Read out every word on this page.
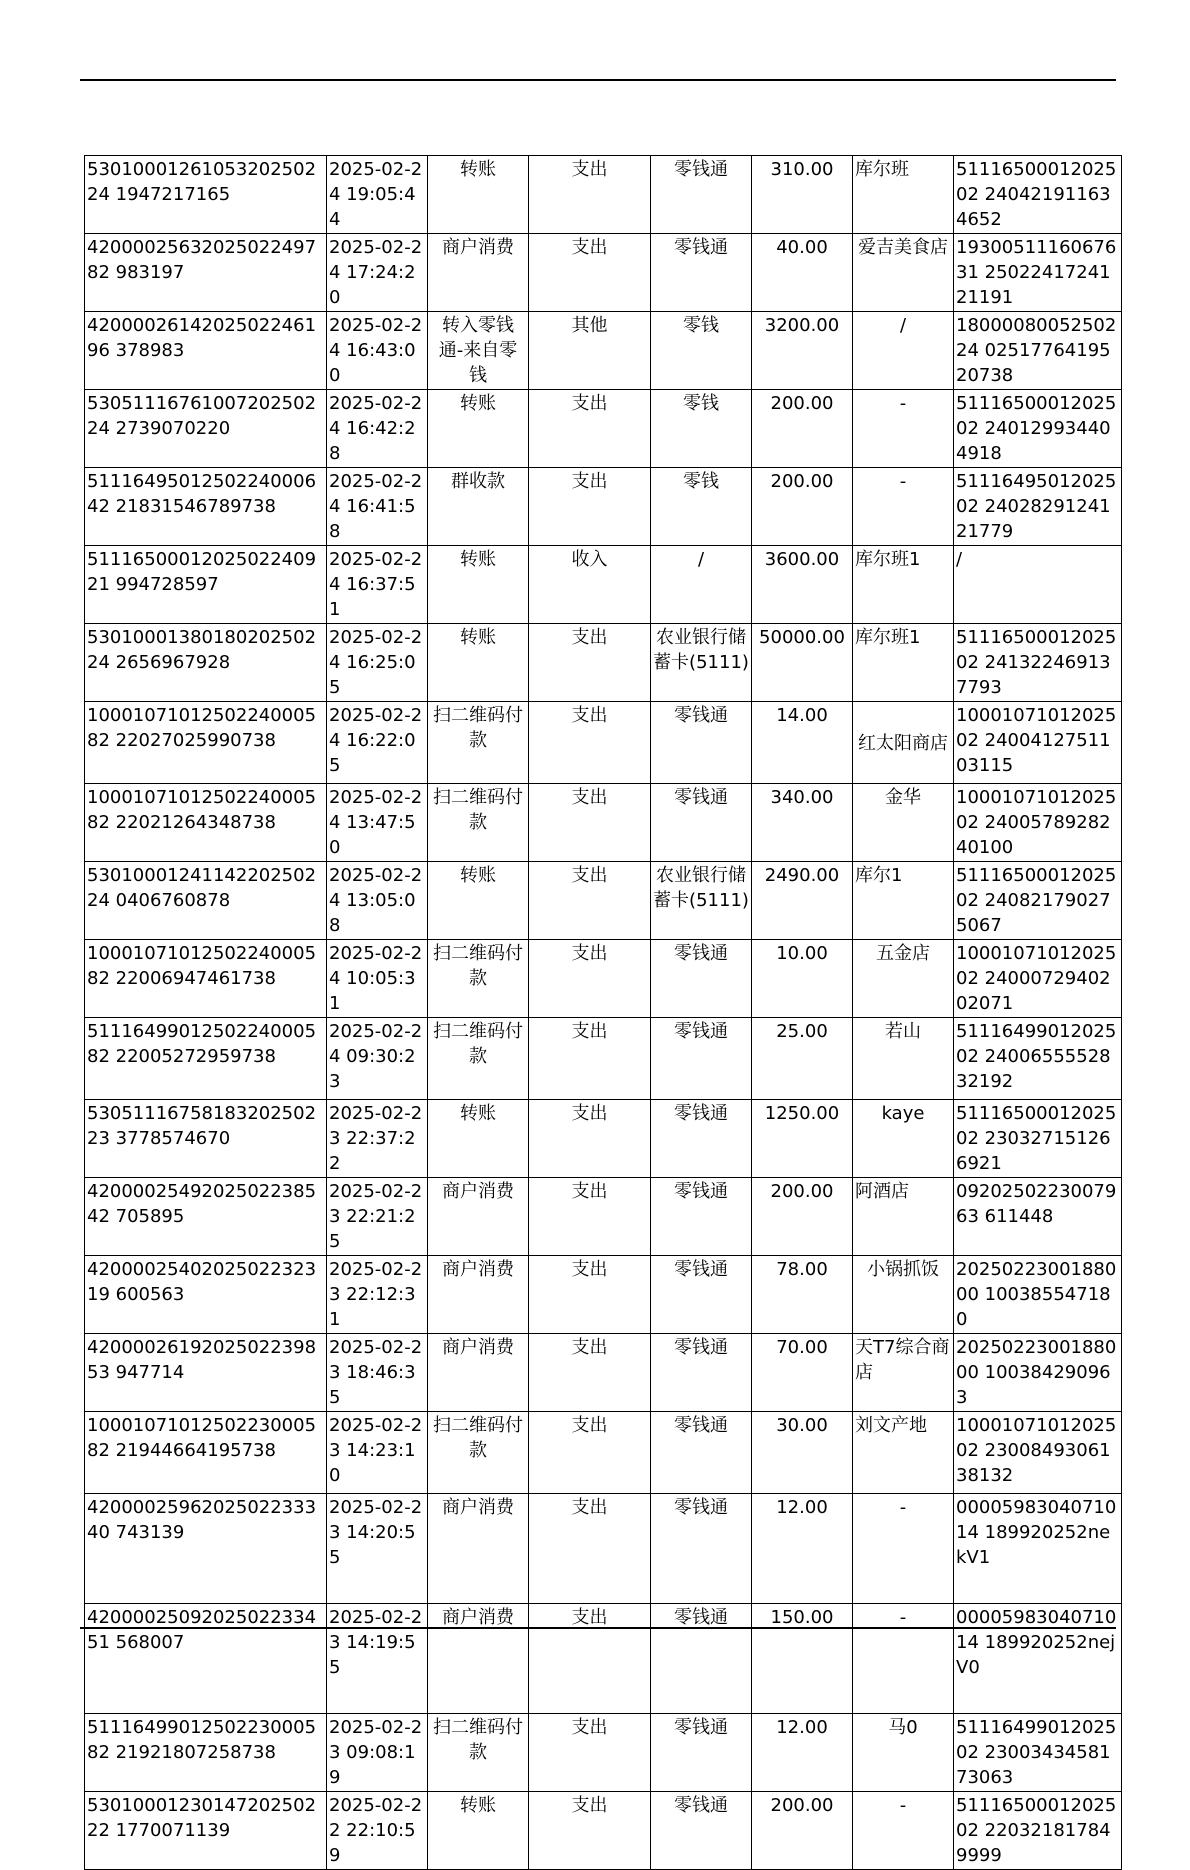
5301000126105320250224 1947217165	2025-02-24 19:05:44	转账	支出	零钱通	310.00	库尔班	5111650001202502 240421911634652
4200002563202502249782 983197	2025-02-24 17:24:20	商户消费	支出	零钱通	40.00	爱吉美食店	1930051116067631 2502241724121191
4200002614202502246196 378983	2025-02-24 16:43:00	转入零钱通-来自零钱	其他	零钱	3200.00	/	1800008005250224 0251776419520738
5305111676100720250224 2739070220	2025-02-24 16:42:28	转账	支出	零钱	200.00	-	5111650001202502 240129934404918
5111649501250224000642 21831546789738	2025-02-24 16:41:58	群收款	支出	零钱	200.00	-	5111649501202502 2402829124121779
5111650001202502240921 994728597	2025-02-24 16:37:51	转账	收入	/	3600.00	库尔班1	/
5301000138018020250224 2656967928	2025-02-24 16:25:05	转账	支出	农业银行储蓄卡(5111)	50000.00	库尔班1	5111650001202502 241322469137793
1000107101250224000582 22027025990738	2025-02-24 16:22:05	扫二维码付款	支出	零钱通	14.00	红太阳商店	1000107101202502 2400412751103115
1000107101250224000582 22021264348738	2025-02-24 13:47:50	扫二维码付款	支出	零钱通	340.00	金华	1000107101202502 2400578928240100
5301000124114220250224 0406760878	2025-02-24 13:05:08	转账	支出	农业银行储蓄卡(5111)	2490.00	库尔1	5111650001202502 240821790275067
1000107101250224000582 22006947461738	2025-02-24 10:05:31	扫二维码付款	支出	零钱通	10.00	五金店	1000107101202502 2400072940202071
5111649901250224000582 22005272959738	2025-02-24 09:30:23	扫二维码付款	支出	零钱通	25.00	若山	5111649901202502 2400655552832192
5305111675818320250223 3778574670	2025-02-23 22:37:22	转账	支出	零钱通	1250.00	kaye	5111650001202502 230327151266921
4200002549202502238542 705895	2025-02-23 22:21:25	商户消费	支出	零钱通	200.00	阿酒店	0920250223007963 611448
4200002540202502232319 600563	2025-02-23 22:12:31	商户消费	支出	零钱通	78.00	小锅抓饭	2025022300188000 100385547180
4200002619202502239853 947714	2025-02-23 18:46:35	商户消费	支出	零钱通	70.00	天T7综合商店	2025022300188000 100384290963
1000107101250223000582 21944664195738	2025-02-23 14:23:10	扫二维码付款	支出	零钱通	30.00	刘文产地	1000107101202502 2300849306138132
4200002596202502233340 743139	2025-02-23 14:20:55	商户消费	支出	零钱通	12.00	-	0000598304071014 189920252nekV1
4200002509202502233451 568007	2025-02-23 14:19:55	商户消费	支出	零钱通	150.00	-	0000598304071014 189920252nejV0
5111649901250223000582 21921807258738	2025-02-23 09:08:19	扫二维码付款	支出	零钱通	12.00	马0	5111649901202502 2300343458173063
5301000123014720250222 1770071139	2025-02-22 22:10:59	转账	支出	零钱通	200.00	-	5111650001202502 220321817849999
